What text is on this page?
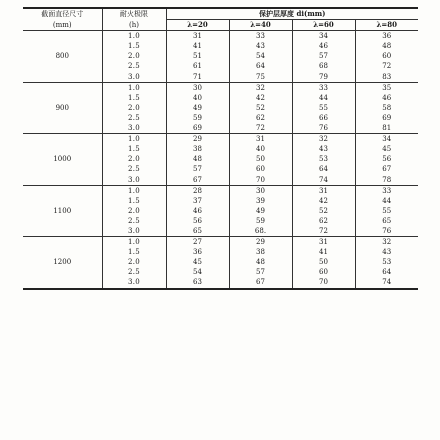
截面直径尺寸	耐火极限	保护层厚度 di(mm)			
(mm)	(h)	λ=20	λ=40	λ=60	λ=80
800	1.0	31	33	34	36
	1.5	41	43	46	48
	2.0	51	54	57	60
	2.5	61	64	68	72
	3.0	71	75	79	83
900	1.0	30	32	33	35
	1.5	40	42	44	46
	2.0	49	52	55	58
	2.5	59	62	66	69
	3.0	69	72	76	81
1000	1.0	29	31	32	34
	1.5	38	40	43	45
	2.0	48	50	53	56
	2.5	57	60	64	67
	3.0	67	70	74	78
1100	1.0	28	30	31	33
	1.5	37	39	42	44
	2.0	46	49	52	55
	2.5	56	59	62	65
	3.0	65	68.	72	76
1200	1.0	27	29	31	32
	1.5	36	38	41	43
	2.0	45	48	50	53
	2.5	54	57	60	64
	3.0	63	67	70	74
